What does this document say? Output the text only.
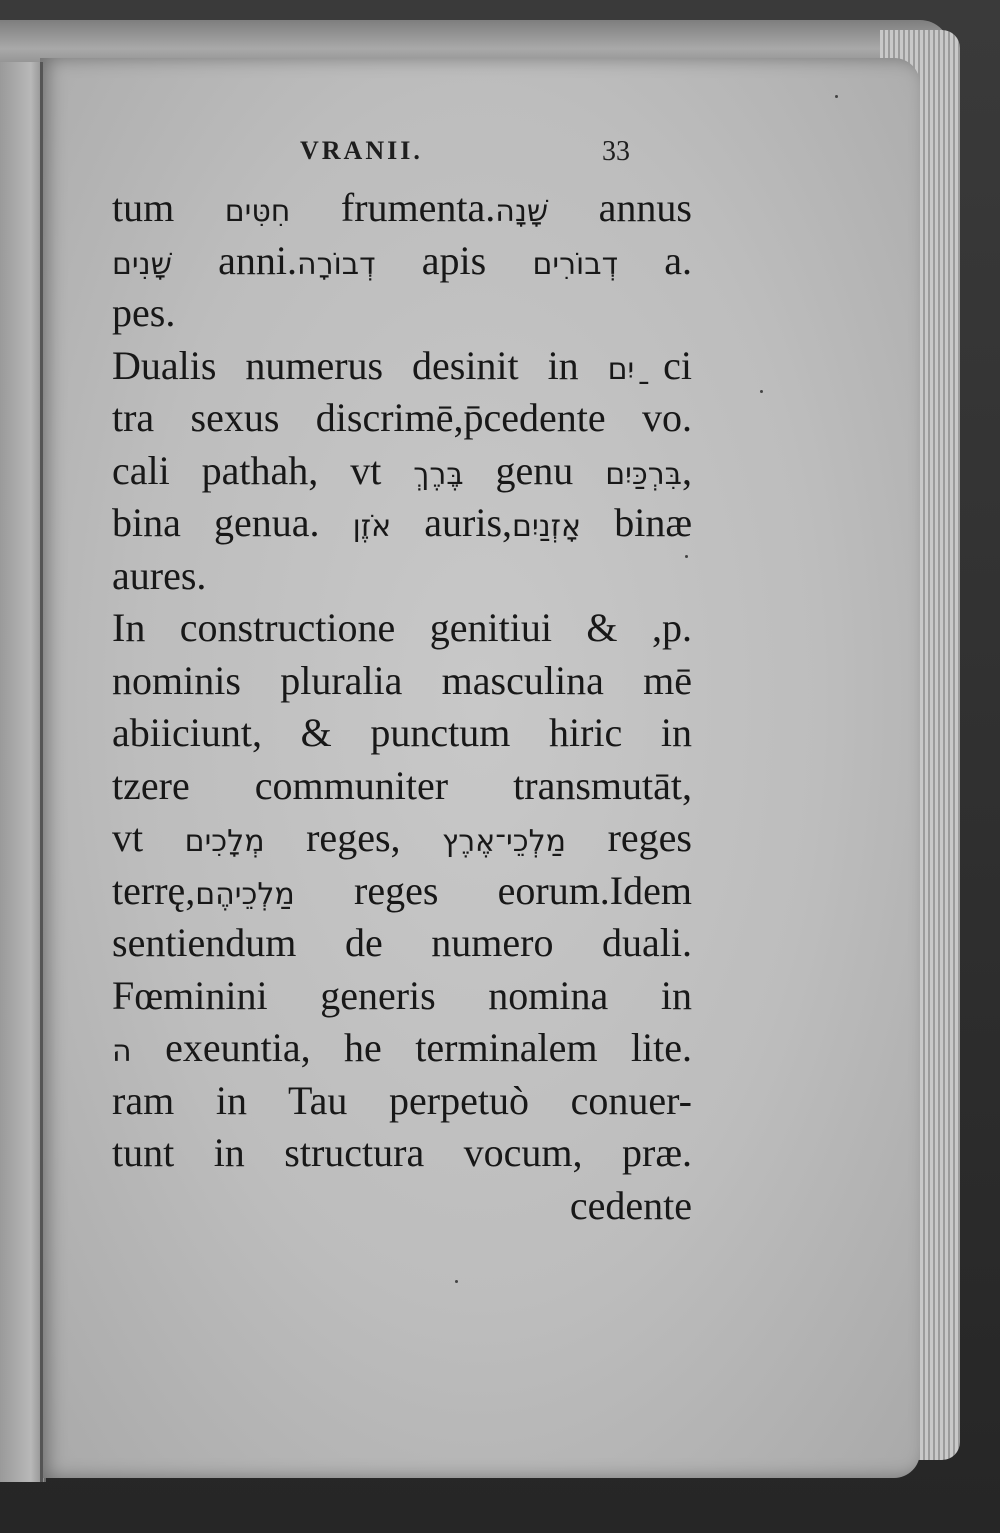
VRANII.	33
tum חִטִּים frumenta.שָׁנָה annus
שָׁנִים anni.דְבוֹרָה apis דְבוֹרִים a.
pes.
Dualis numerus desinit in ַיִם ci
tra sexus discrimē,p̄cedente vo.
cali pathah, vt בֶּרֶךְ genu בִּרְכַּיִם,
bina genua. אֹזֶן auris,אָזְנַיִם binæ
aures.
In constructione genitiui & ,p.
nominis pluralia masculina mē
abiiciunt, & punctum hiric in
tzere communiter transmutāt,
vt מְלָכִים reges, מַלְכֵי־אֶרֶץ reges
terrę,מַלְכֵיהֶם reges eorum.Idem
sentiendum de numero duali.
Fœminini generis nomina in
ה exeuntia, he terminalem lite.
ram in Tau perpetuò conuer-
tunt in structura vocum, præ.
cedente
